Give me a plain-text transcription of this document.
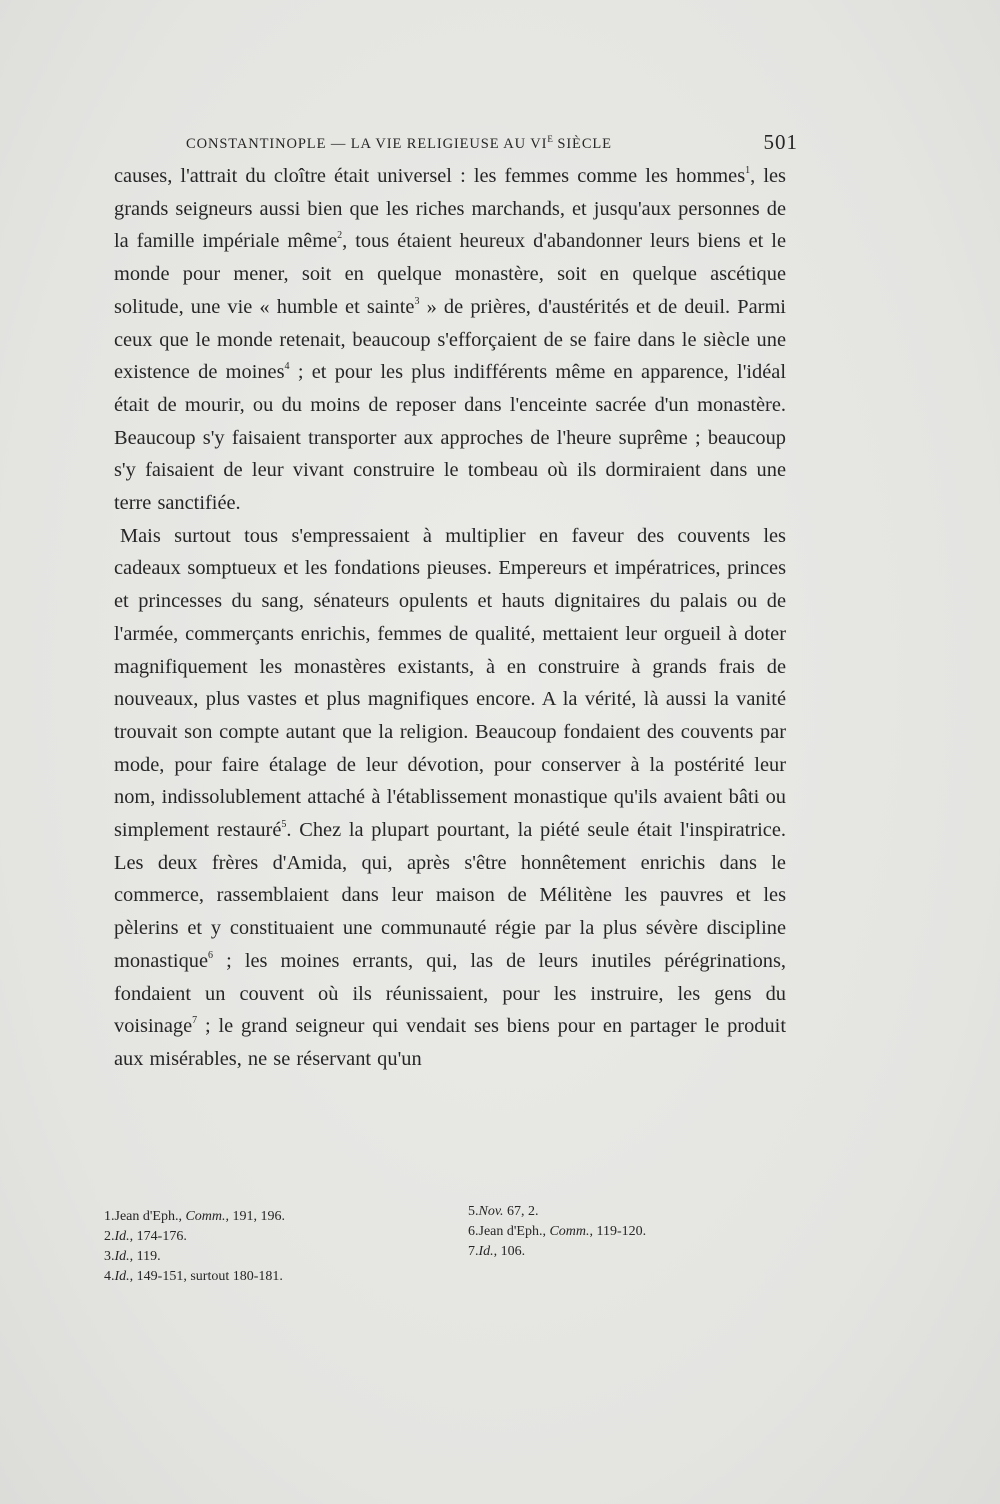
CONSTANTINOPLE — LA VIE RELIGIEUSE AU $VI^E$ SIÈCLE	501

causes, l'attrait du cloître était universel : les femmes comme les hommes$^1$, les grands seigneurs aussi bien que les riches marchands, et jusqu'aux personnes de la famille impériale même$^2$, tous étaient heureux d'abandonner leurs biens et le monde pour mener, soit en quelque monastère, soit en quelque ascétique solitude, une vie « humble et sainte$^3$ » de prières, d'austérités et de deuil. Parmi ceux que le monde retenait, beaucoup s'efforçaient de se faire dans le siècle une existence de moines$^4$ ; et pour les plus indifférents même en apparence, l'idéal était de mourir, ou du moins de reposer dans l'enceinte sacrée d'un monastère. Beaucoup s'y faisaient transporter aux approches de l'heure suprême ; beaucoup s'y faisaient de leur vivant construire le tombeau où ils dormiraient dans une terre sanctifiée.

Mais surtout tous s'empressaient à multiplier en faveur des couvents les cadeaux somptueux et les fondations pieuses. Empereurs et impératrices, princes et princesses du sang, sénateurs opulents et hauts dignitaires du palais ou de l'armée, commerçants enrichis, femmes de qualité, mettaient leur orgueil à doter magnifiquement les monastères existants, à en construire à grands frais de nouveaux, plus vastes et plus magnifiques encore. A la vérité, là aussi la vanité trouvait son compte autant que la religion. Beaucoup fondaient des couvents par mode, pour faire étalage de leur dévotion, pour conserver à la postérité leur nom, indissolublement attaché à l'établissement monastique qu'ils avaient bâti ou simplement restauré$^5$. Chez la plupart pourtant, la piété seule était l'inspiratrice. Les deux frères d'Amida, qui, après s'être honnêtement enrichis dans le commerce, rassemblaient dans leur maison de Mélitène les pauvres et les pèlerins et y constituaient une communauté régie par la plus sévère discipline monastique$^6$ ; les moines errants, qui, las de leurs inutiles pérégrinations, fondaient un couvent où ils réunissaient, pour les instruire, les gens du voisinage$^7$ ; le grand seigneur qui vendait ses biens pour en partager le produit aux misérables, ne se réservant qu'un

1.Jean d'Eph., Comm., 191, 196.
2.Id., 174-176.
3.Id., 119.
4.Id., 149-151, surtout 180-181.
5.Nov. 67, 2.
6.Jean d'Eph., Comm., 119-120.
7.Id., 106.
